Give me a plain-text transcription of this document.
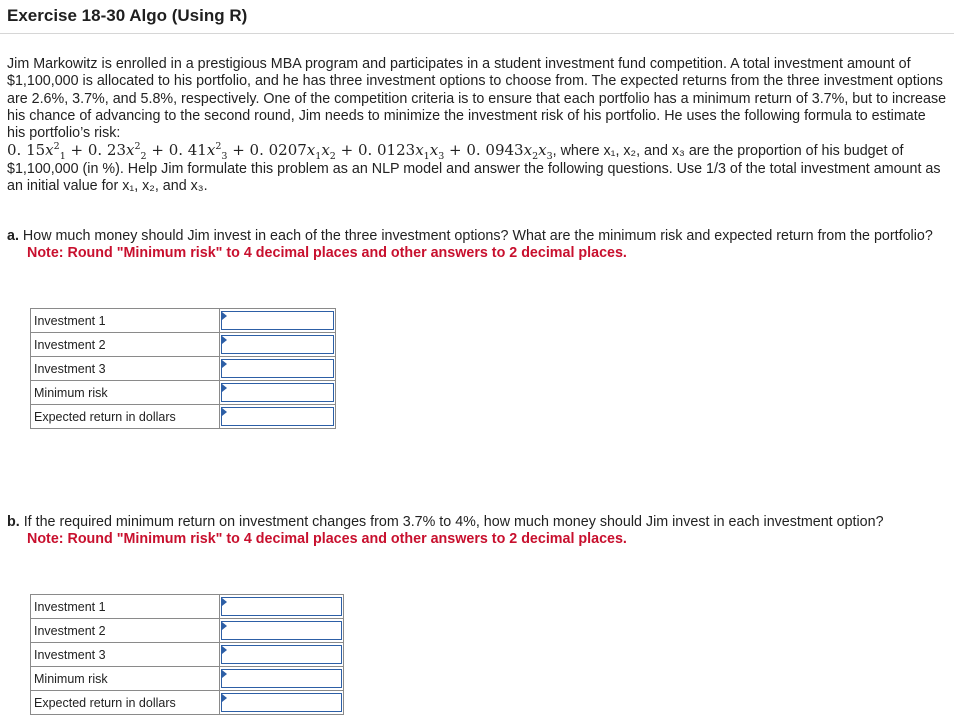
Exercise 18-30 Algo (Using R)

Jim Markowitz is enrolled in a prestigious MBA program and participates in a student investment fund competition. A total investment amount of $1,100,000 is allocated to his portfolio, and he has three investment options to choose from. The expected returns from the three investment options are 2.6%, 3.7%, and 5.8%, respectively. One of the competition criteria is to ensure that each portfolio has a minimum return of 3.7%, but to increase his chance of advancing to the second round, Jim needs to minimize the investment risk of his portfolio. He uses the following formula to estimate his portfolio’s risk:

0. $15x^2_1 + 0$. $23x^2_2 + 0$. $41x^2_3 + 0$. $0207x_1x_2 + 0$. $0123x_1x_3 + 0$. $0943x_2x_3$, where x₁, x₂, and x₃ are the proportion of his budget of $1,100,000 (in %). Help Jim formulate this problem as an NLP model and answer the following questions. Use 1/3 of the total investment amount as an initial value for x₁, x₂, and x₃.

a. How much money should Jim invest in each of the three investment options? What are the minimum risk and expected return from the portfolio?
Note: Round "Minimum risk" to 4 decimal places and other answers to 2 decimal places.
Investment 1	

Investment 2	

Investment 3	

Minimum risk	

Expected return in dollars	
b. If the required minimum return on investment changes from 3.7% to 4%, how much money should Jim invest in each investment option?
Note: Round "Minimum risk" to 4 decimal places and other answers to 2 decimal places.
Investment 1	

Investment 2	

Investment 3	

Minimum risk	

Expected return in dollars	
